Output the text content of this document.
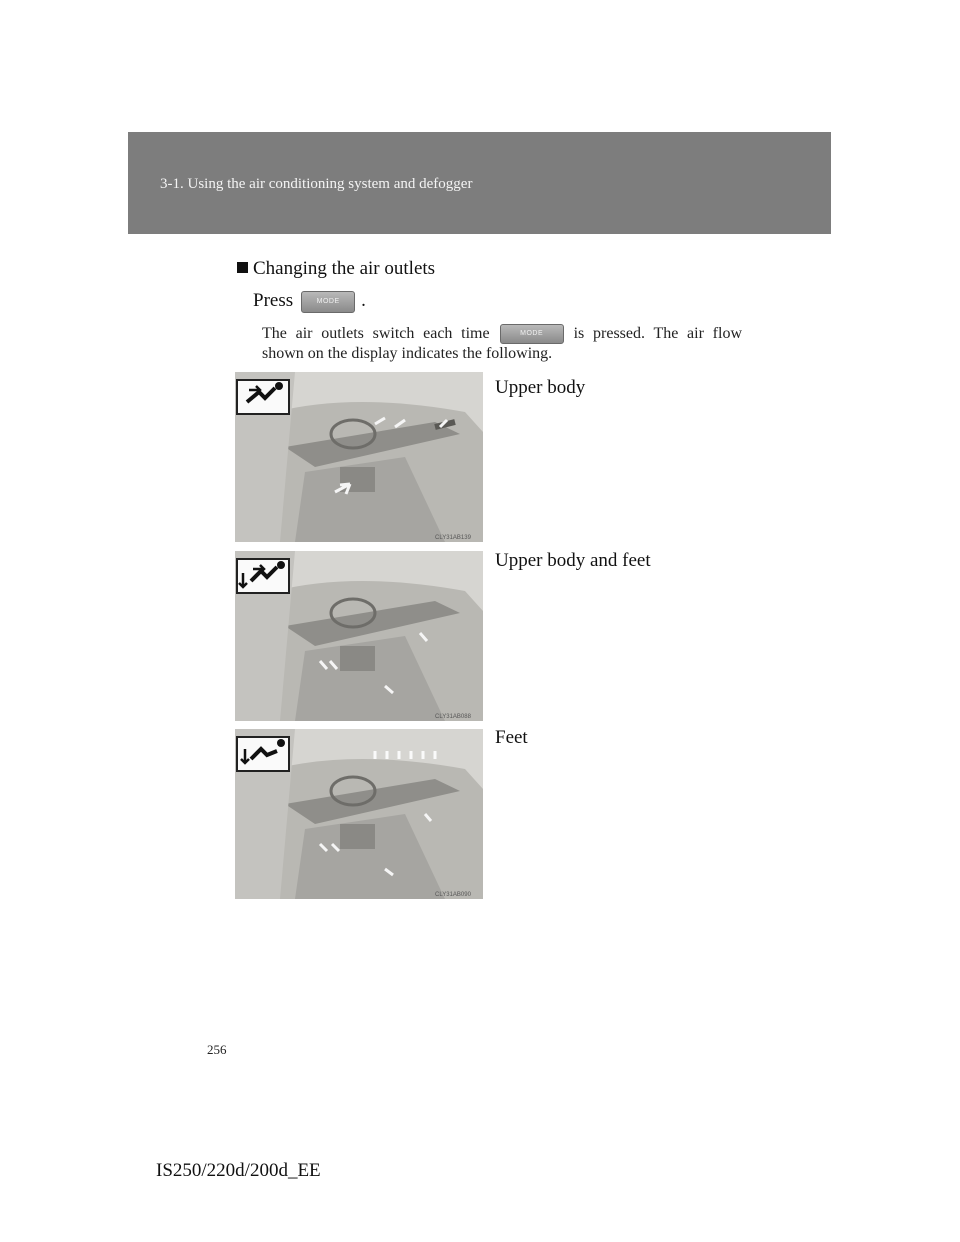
3-1. Using the air conditioning system and defogger
Changing the air outlets
Press	MODE .
The air outlets switch each time	MODE is pressed. The air flow shown on the display indicates the following.
CLY31AB139
Upper body
CLY31AB088
Upper body and feet
CLY31AB090
Feet
256
IS250/220d/200d_EE
